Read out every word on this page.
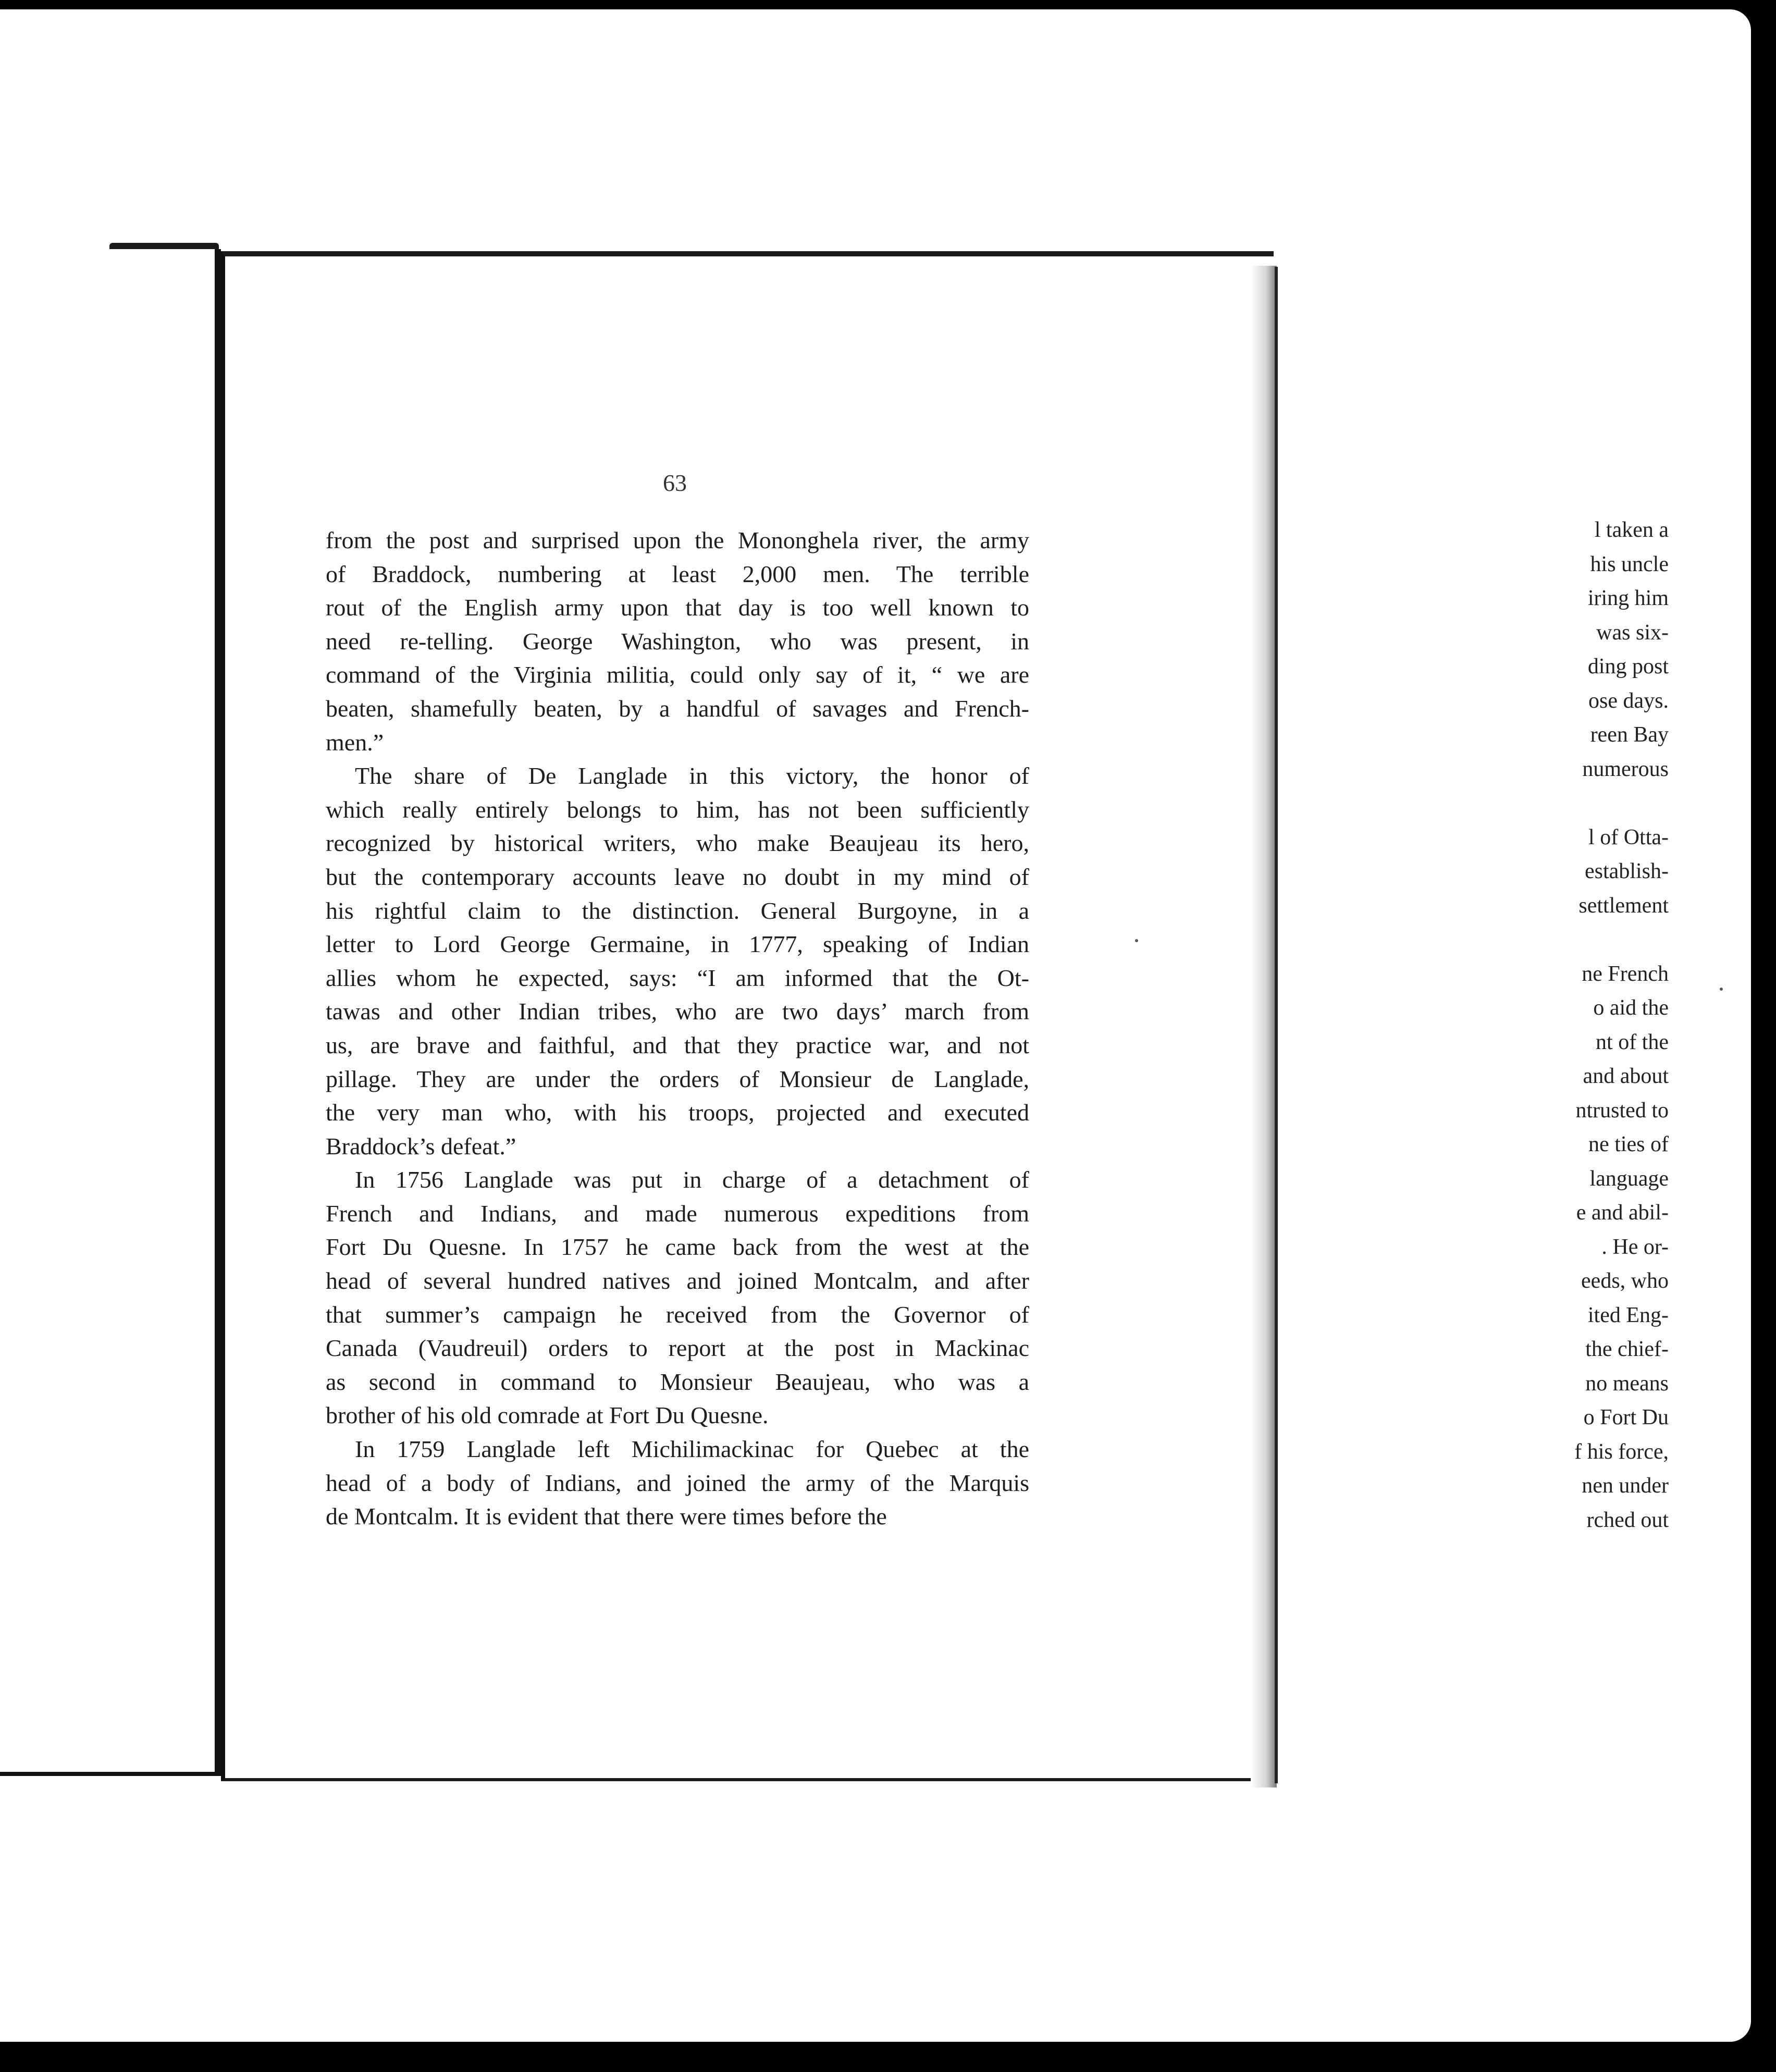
l taken a
his uncle
iring him
was six-
ding post
ose days.
reen Bay
numerous
l of Otta-
establish-
settlement
ne French
o aid the
nt of the
and about
ntrusted to
ne ties of
language
e and abil-
. He or-
eeds, who
ited Eng-
the chief-
no means
o Fort Du
f his force,
nen under
rched out
63
from the post and surprised upon the Mononghela river, the army
of Braddock, numbering at least 2,000 men. The terrible
rout of the English army upon that day is too well known to
need re-telling. George Washington, who was present, in
command of the Virginia militia, could only say of it, “ we are
beaten, shamefully beaten, by a handful of savages and French-
men.”
The share of De Langlade in this victory, the honor of
which really entirely belongs to him, has not been sufficiently
recognized by historical writers, who make Beaujeau its hero,
but the contemporary accounts leave no doubt in my mind of
his rightful claim to the distinction. General Burgoyne, in a
letter to Lord George Germaine, in 1777, speaking of Indian
allies whom he expected, says: “I am informed that the Ot-
tawas and other Indian tribes, who are two days’ march from
us, are brave and faithful, and that they practice war, and not
pillage. They are under the orders of Monsieur de Langlade,
the very man who, with his troops, projected and executed
Braddock’s defeat.”
In 1756 Langlade was put in charge of a detachment of
French and Indians, and made numerous expeditions from
Fort Du Quesne. In 1757 he came back from the west at the
head of several hundred natives and joined Montcalm, and after
that summer’s campaign he received from the Governor of
Canada (Vaudreuil) orders to report at the post in Mackinac
as second in command to Monsieur Beaujeau, who was a
brother of his old comrade at Fort Du Quesne.
In 1759 Langlade left Michilimackinac for Quebec at the
head of a body of Indians, and joined the army of the Marquis
de Montcalm. It is evident that there were times before the
